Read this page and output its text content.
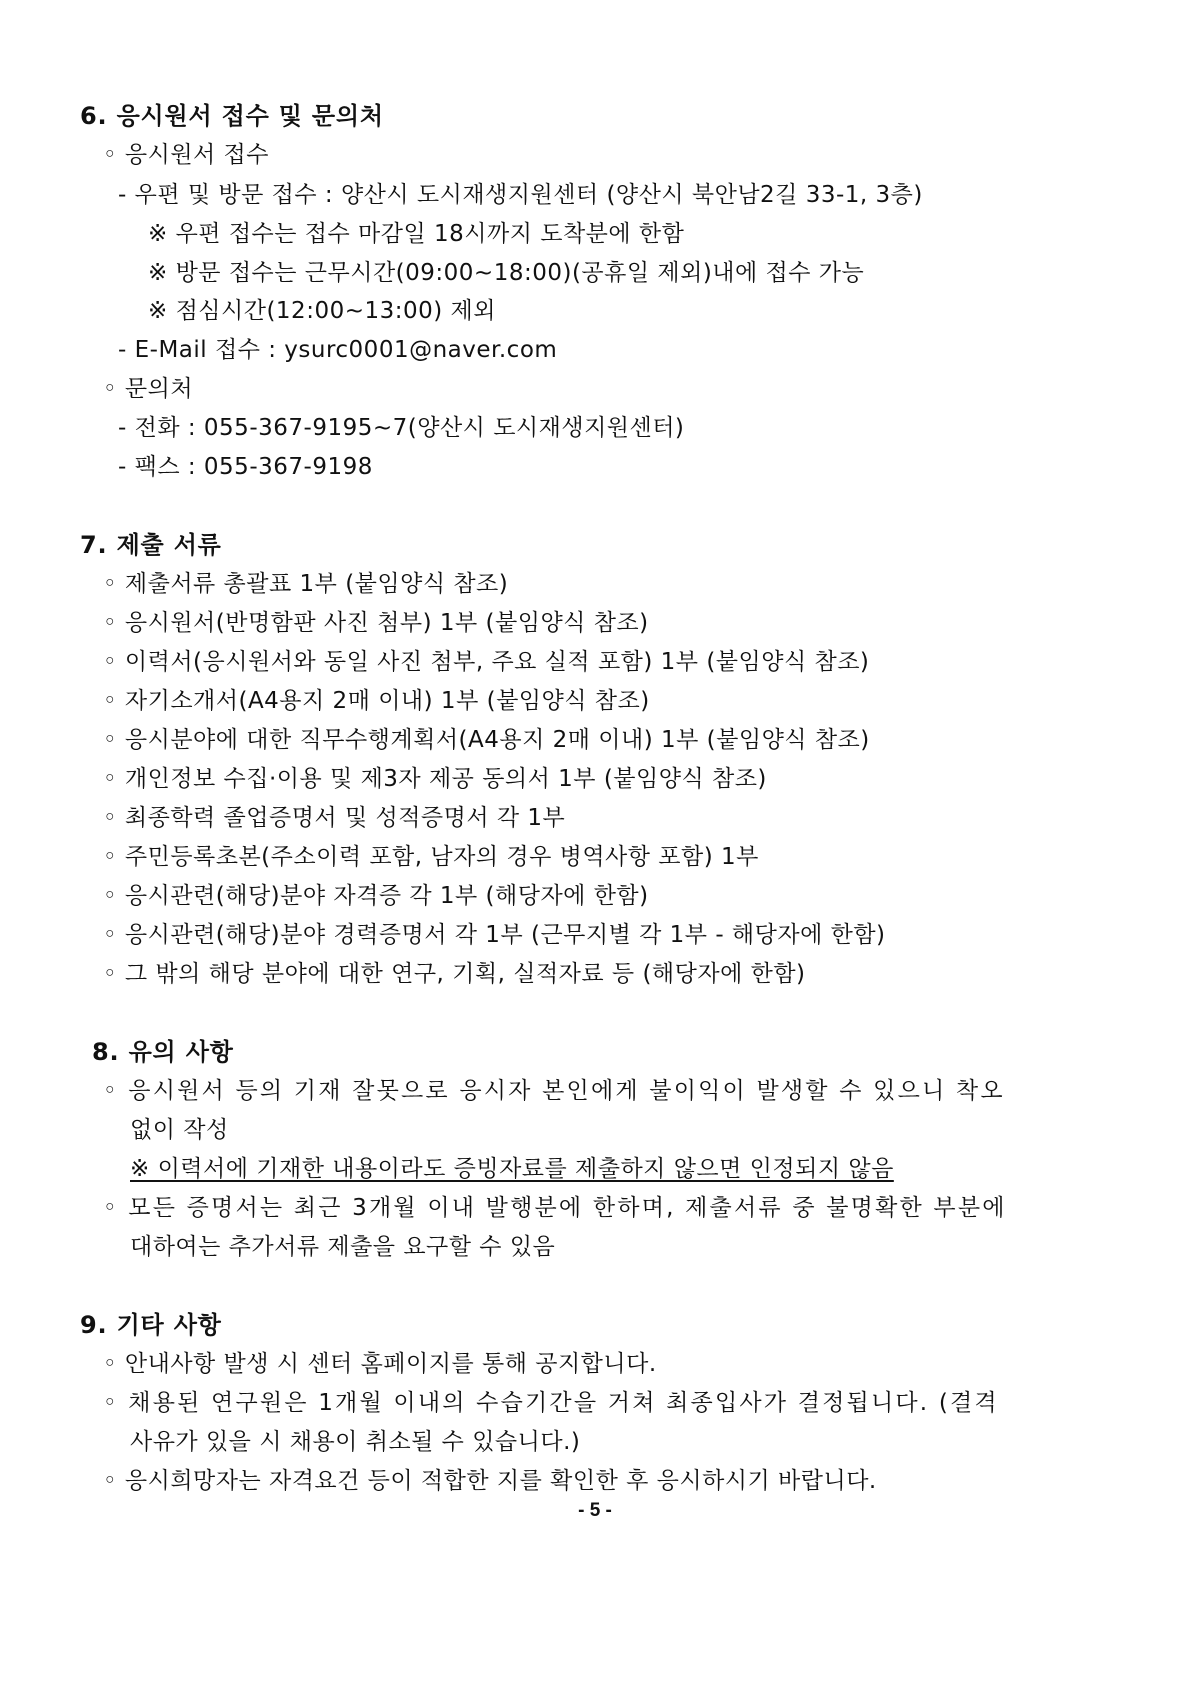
6. 응시원서 접수 및 문의처
◦ 응시원서 접수
- 우편 및 방문 접수 : 양산시 도시재생지원센터 (양산시 북안남2길 33-1, 3층)
※ 우편 접수는 접수 마감일 18시까지 도착분에 한함
※ 방문 접수는 근무시간(09:00~18:00)(공휴일 제외)내에 접수 가능
※ 점심시간(12:00~13:00) 제외
- E-Mail 접수 : ysurc0001@naver.com
◦ 문의처
- 전화 : 055-367-9195~7(양산시 도시재생지원센터)
- 팩스 : 055-367-9198
7. 제출 서류
◦ 제출서류 총괄표 1부 (붙임양식 참조)
◦ 응시원서(반명함판 사진 첨부) 1부 (붙임양식 참조)
◦ 이력서(응시원서와 동일 사진 첨부, 주요 실적 포함) 1부 (붙임양식 참조)
◦ 자기소개서(A4용지 2매 이내) 1부 (붙임양식 참조)
◦ 응시분야에 대한 직무수행계획서(A4용지 2매 이내) 1부 (붙임양식 참조)
◦ 개인정보 수집·이용 및 제3자 제공 동의서 1부 (붙임양식 참조)
◦ 최종학력 졸업증명서 및 성적증명서 각 1부
◦ 주민등록초본(주소이력 포함, 남자의 경우 병역사항 포함) 1부
◦ 응시관련(해당)분야 자격증 각 1부 (해당자에 한함)
◦ 응시관련(해당)분야 경력증명서 각 1부 (근무지별 각 1부 - 해당자에 한함)
◦ 그 밖의 해당 분야에 대한 연구, 기획, 실적자료 등 (해당자에 한함)
8. 유의 사항
◦ 응시원서 등의 기재 잘못으로 응시자 본인에게 불이익이 발생할 수 있으니 착오
없이 작성
※ 이력서에 기재한 내용이라도 증빙자료를 제출하지 않으면 인정되지 않음
◦ 모든 증명서는 최근 3개월 이내 발행분에 한하며, 제출서류 중 불명확한 부분에
대하여는 추가서류 제출을 요구할 수 있음
9. 기타 사항
◦ 안내사항 발생 시 센터 홈페이지를 통해 공지합니다.
◦ 채용된 연구원은 1개월 이내의 수습기간을 거쳐 최종입사가 결정됩니다. (결격
사유가 있을 시 채용이 취소될 수 있습니다.)
◦ 응시희망자는 자격요건 등이 적합한 지를 확인한 후 응시하시기 바랍니다.
- 5 -
